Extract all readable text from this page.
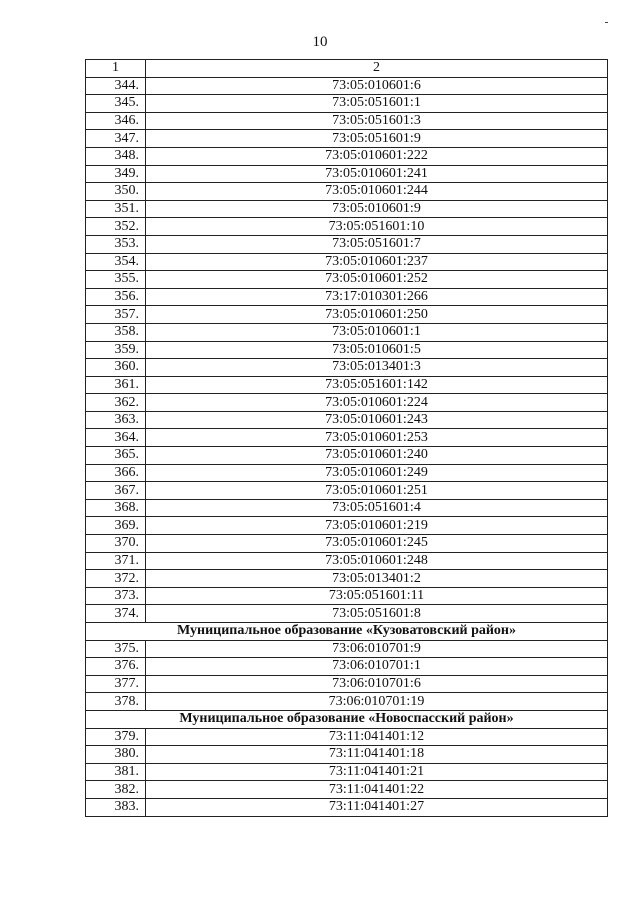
10
1	2
344.	73:05:010601:6
345.	73:05:051601:1
346.	73:05:051601:3
347.	73:05:051601:9
348.	73:05:010601:222
349.	73:05:010601:241
350.	73:05:010601:244
351.	73:05:010601:9
352.	73:05:051601:10
353.	73:05:051601:7
354.	73:05:010601:237
355.	73:05:010601:252
356.	73:17:010301:266
357.	73:05:010601:250
358.	73:05:010601:1
359.	73:05:010601:5
360.	73:05:013401:3
361.	73:05:051601:142
362.	73:05:010601:224
363.	73:05:010601:243
364.	73:05:010601:253
365.	73:05:010601:240
366.	73:05:010601:249
367.	73:05:010601:251
368.	73:05:051601:4
369.	73:05:010601:219
370.	73:05:010601:245
371.	73:05:010601:248
372.	73:05:013401:2
373.	73:05:051601:11
374.	73:05:051601:8
Муниципальное образование «Кузоватовский район»	
375.	73:06:010701:9
376.	73:06:010701:1
377.	73:06:010701:6
378.	73:06:010701:19
Муниципальное образование «Новоспасский район»	
379.	73:11:041401:12
380.	73:11:041401:18
381.	73:11:041401:21
382.	73:11:041401:22
383.	73:11:041401:27
